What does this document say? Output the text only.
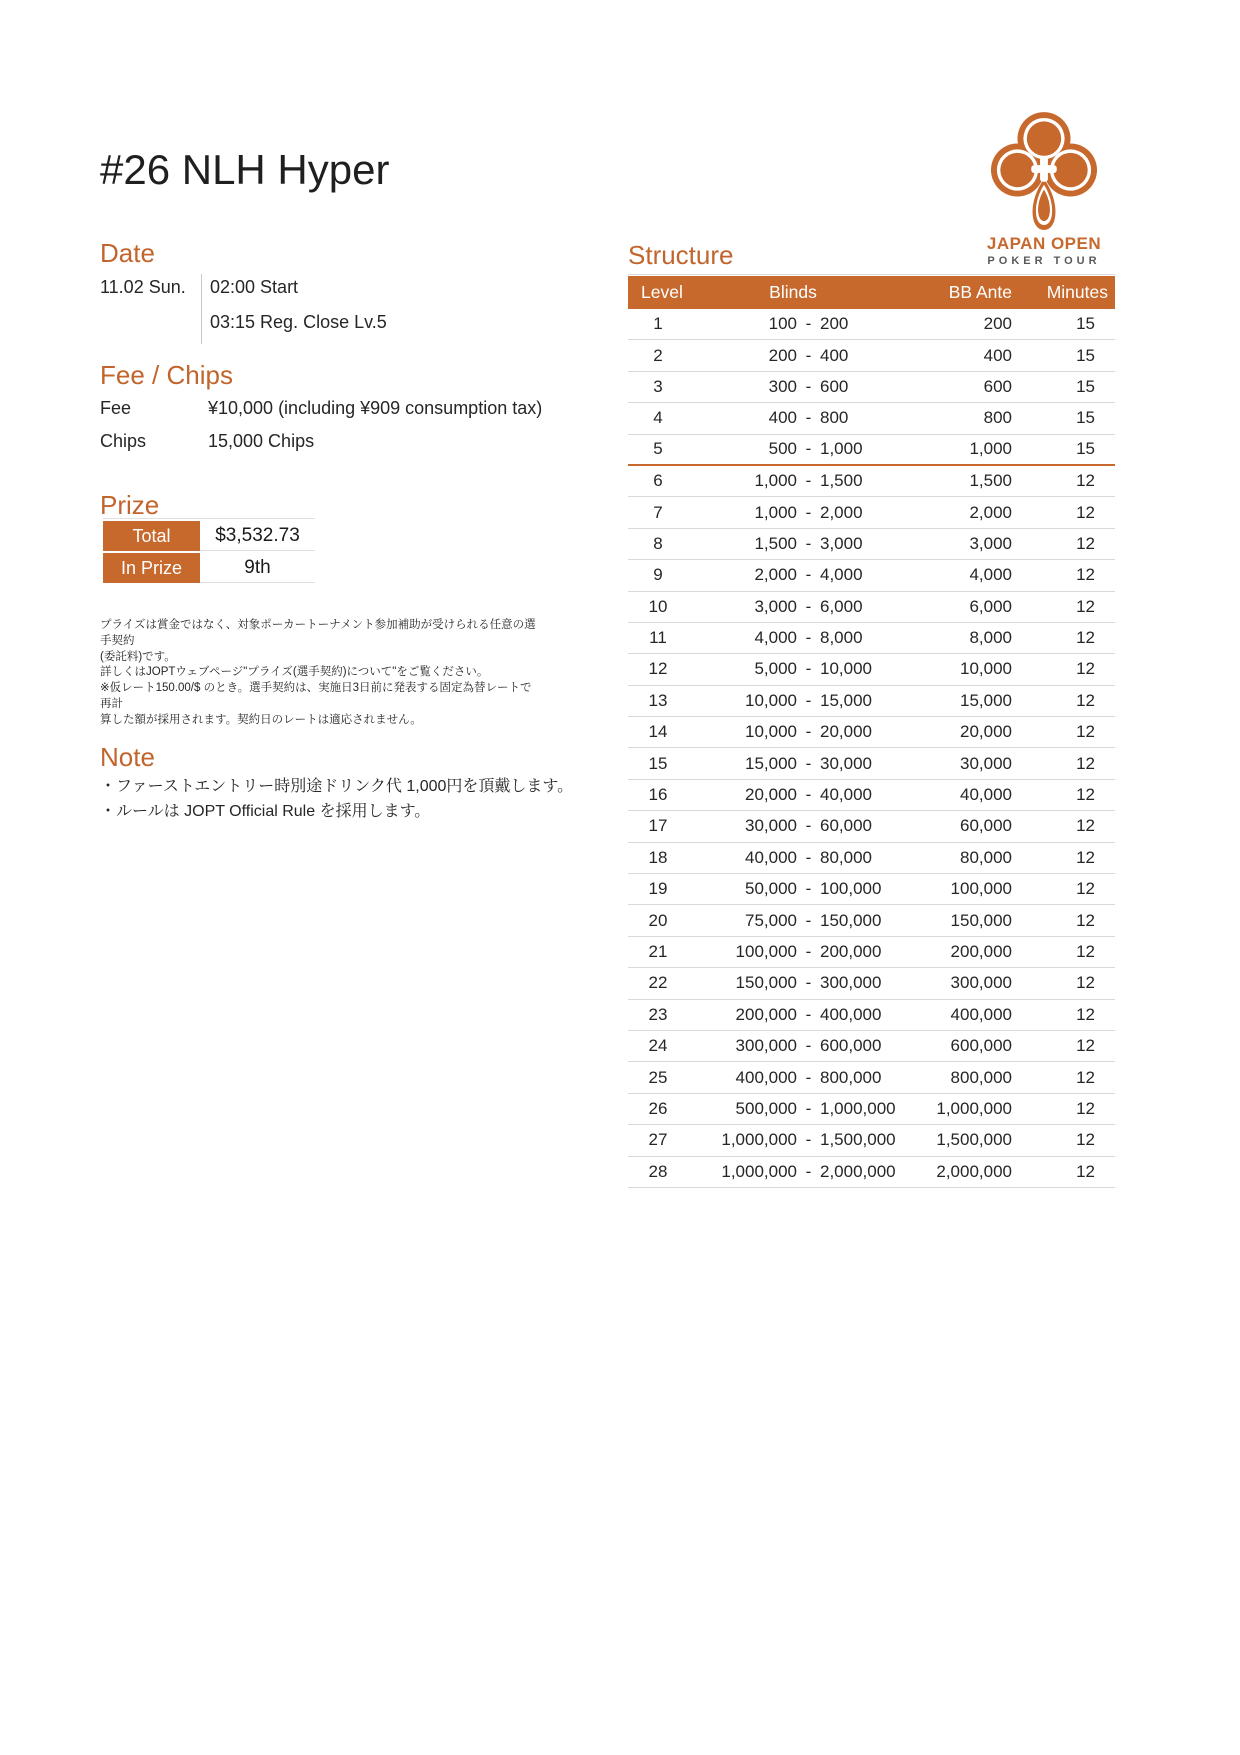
#26 NLH Hyper
JAPAN OPEN
POKER TOUR
Date
11.02 Sun.	02:00 Start
03:15 Reg. Close Lv.5
Fee / Chips
Fee	¥10,000 (including ¥909 consumption tax)
Chips	15,000 Chips
Prize
Total	$3,532.73
In Prize	9th
プライズは賞金ではなく、対象ポーカートーナメント参加補助が受けられる任意の選手契約
(委託料)です。
詳しくはJOPTウェブページ"プライズ(選手契約)について"をご覧ください。
※仮レート150.00/$ のとき。選手契約は、実施日3日前に発表する固定為替レートで再計
算した額が採用されます。契約日のレートは適応されません。
Note
・ファーストエントリー時別途ドリンク代 1,000円を頂戴します。
・ルールは JOPT Official Rule を採用します。
Structure
Level	Blinds	BB Ante	Minutes
1	100 - 200	200	15
2	200 - 400	400	15
3	300 - 600	600	15
4	400 - 800	800	15
5	500 - 1,000	1,000	15
6	1,000 - 1,500	1,500	12
7	1,000 - 2,000	2,000	12
8	1,500 - 3,000	3,000	12
9	2,000 - 4,000	4,000	12
10	3,000 - 6,000	6,000	12
11	4,000 - 8,000	8,000	12
12	5,000 - 10,000	10,000	12
13	10,000 - 15,000	15,000	12
14	10,000 - 20,000	20,000	12
15	15,000 - 30,000	30,000	12
16	20,000 - 40,000	40,000	12
17	30,000 - 60,000	60,000	12
18	40,000 - 80,000	80,000	12
19	50,000 - 100,000	100,000	12
20	75,000 - 150,000	150,000	12
21	100,000 - 200,000	200,000	12
22	150,000 - 300,000	300,000	12
23	200,000 - 400,000	400,000	12
24	300,000 - 600,000	600,000	12
25	400,000 - 800,000	800,000	12
26	500,000 - 1,000,000	1,000,000	12
27	1,000,000 - 1,500,000	1,500,000	12
28	1,000,000 - 2,000,000	2,000,000	12
